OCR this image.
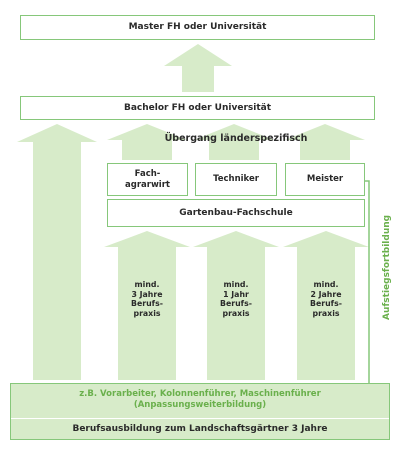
Master FH oder Universität
Bachelor FH oder Universität
Übergang länderspezifisch
Fach-
agrarwirt
Techniker	Meister
Gartenbau-Fachschule
mind.
3 Jahre
Berufs-
praxis
mind.
1 Jahr
Berufs-
praxis
mind.
2 Jahre
Berufs-
praxis	Aufstiegsfortbildung
z.B. Vorarbeiter, Kolonnenführer, Maschinenführer
(Anpassungsweiterbildung)
Berufsausbildung zum Landschaftsgärtner 3 Jahre
